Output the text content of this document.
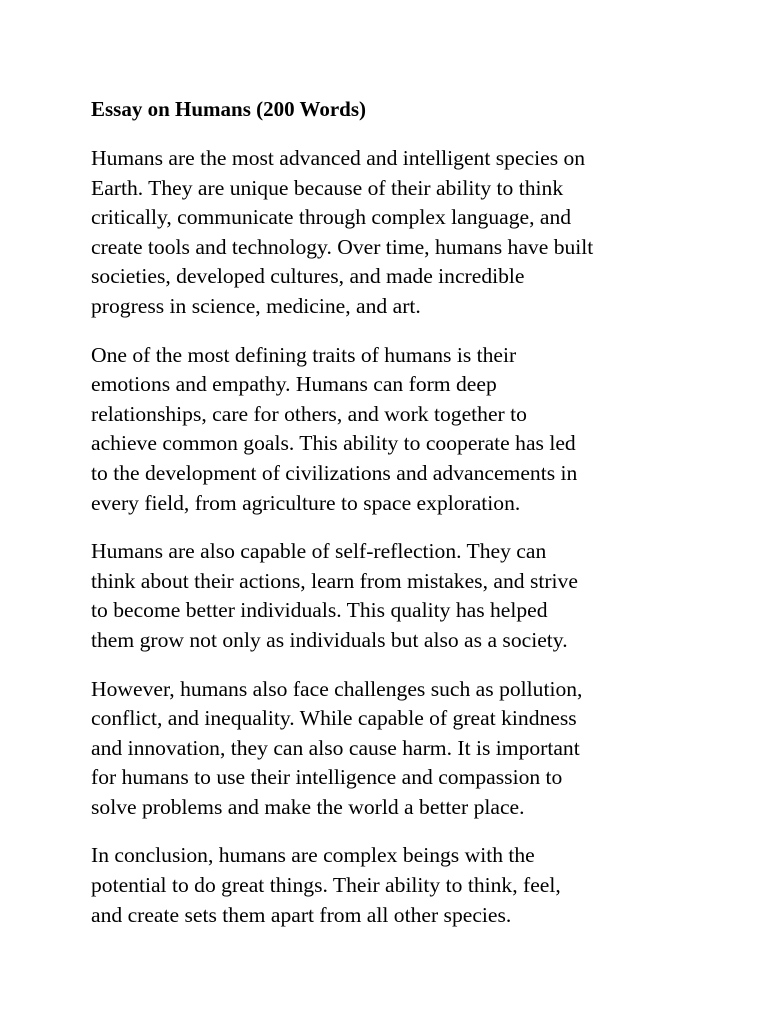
Essay on Humans (200 Words)

Humans are the most advanced and intelligent species on
Earth. They are unique because of their ability to think
critically, communicate through complex language, and
create tools and technology. Over time, humans have built
societies, developed cultures, and made incredible
progress in science, medicine, and art.

One of the most defining traits of humans is their
emotions and empathy. Humans can form deep
relationships, care for others, and work together to
achieve common goals. This ability to cooperate has led
to the development of civilizations and advancements in
every field, from agriculture to space exploration.

Humans are also capable of self-reflection. They can
think about their actions, learn from mistakes, and strive
to become better individuals. This quality has helped
them grow not only as individuals but also as a society.

However, humans also face challenges such as pollution,
conflict, and inequality. While capable of great kindness
and innovation, they can also cause harm. It is important
for humans to use their intelligence and compassion to
solve problems and make the world a better place.

In conclusion, humans are complex beings with the
potential to do great things. Their ability to think, feel,
and create sets them apart from all other species.
